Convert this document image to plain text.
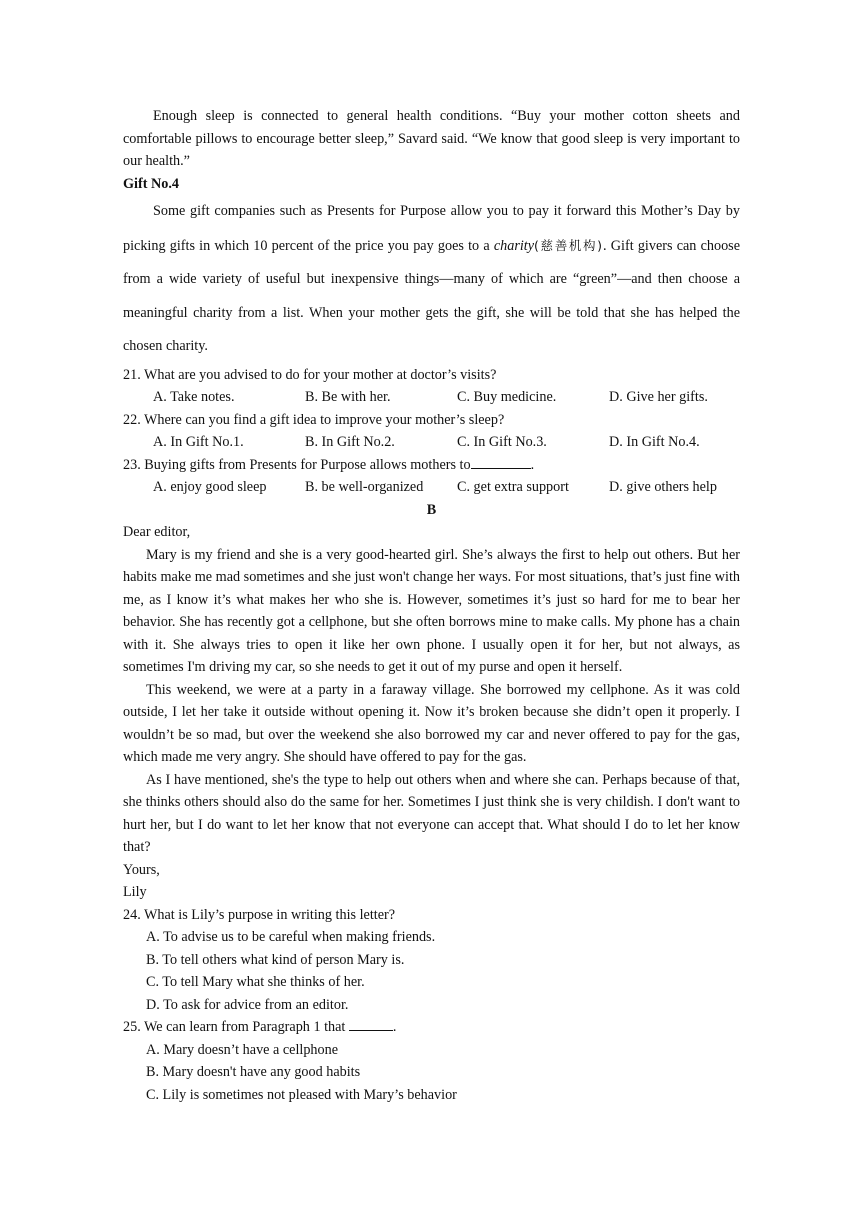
Enough sleep is connected to general health conditions. “Buy your mother cotton sheets and comfortable pillows to encourage better sleep,” Savard said. “We know that good sleep is very important to our health.”

Gift No.4

Some gift companies such as Presents for Purpose allow you to pay it forward this Mother’s Day by picking gifts in which 10 percent of the price you pay goes to a charity(慈善机构). Gift givers can choose from a wide variety of useful but inexpensive things—many of which are “green”—and then choose a meaningful charity from a list. When your mother gets the gift, she will be told that she has helped the chosen charity.

21. What are you advised to do for your mother at doctor’s visits?

A. Take notes.	B. Be with her.	C. Buy medicine.	D. Give her gifts.

22. Where can you find a gift idea to improve your mother’s sleep?

A. In Gift No.1.	B. In Gift No.2.	C. In Gift No.3.	D. In Gift No.4.

23. Buying gifts from Presents for Purpose allows mothers to	.

A. enjoy good sleep	B. be well-organized	C. get extra support	D. give others help

B

Dear editor,

Mary is my friend and she is a very good-hearted girl. She’s always the first to help out others. But her habits make me mad sometimes and she just won't change her ways. For most situations, that’s just fine with me, as I know it’s what makes her who she is. However, sometimes it’s just so hard for me to bear her behavior. She has recently got a cellphone, but she often borrows mine to make calls. My phone has a chain with it. She always tries to open it like her own phone. I usually open it for her, but not always, as sometimes I'm driving my car, so she needs to get it out of my purse and open it herself.

This weekend, we were at a party in a faraway village. She borrowed my cellphone. As it was cold outside, I let her take it outside without opening it. Now it’s broken because she didn’t open it properly. I wouldn’t be so mad, but over the weekend she also borrowed my car and never offered to pay for the gas, which made me very angry. She should have offered to pay for the gas.

As I have mentioned, she's the type to help out others when and where she can. Perhaps because of that, she thinks others should also do the same for her. Sometimes I just think she is very childish. I don't want to hurt her, but I do want to let her know that not everyone can accept that. What should I do to let her know that?

Yours,

Lily

24. What is Lily’s purpose in writing this letter?

A. To advise us to be careful when making friends.

B. To tell others what kind of person Mary is.

C. To tell Mary what she thinks of her.

D. To ask for advice from an editor.

25. We can learn from Paragraph 1 that	.

A. Mary doesn’t have a cellphone

B. Mary doesn't have any good habits

C. Lily is sometimes not pleased with Mary’s behavior
